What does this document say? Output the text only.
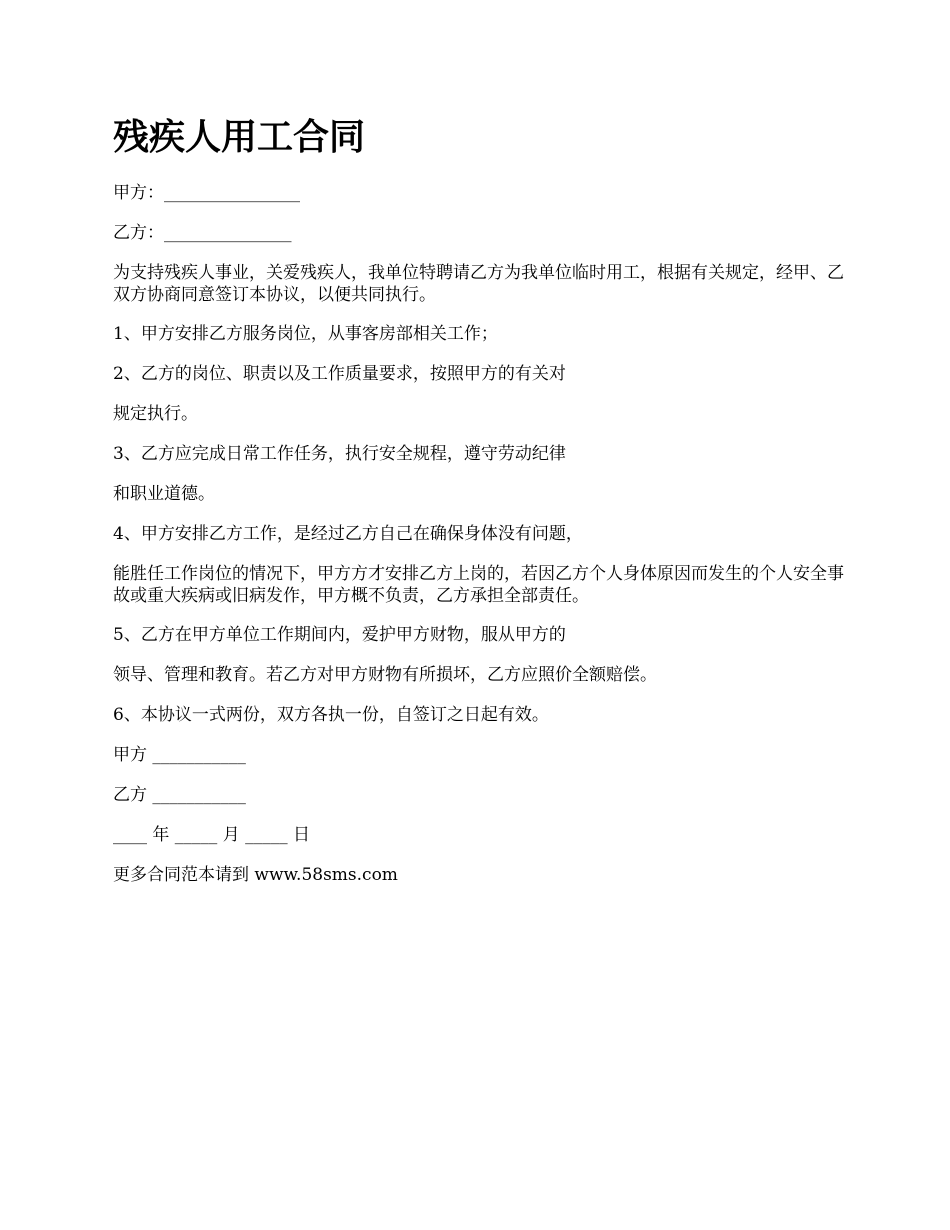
残疾人用工合同

甲方：________________

乙方：_______________

为支持残疾人事业，关爱残疾人，我单位特聘请乙方为我单位临时用工，根据有关规定，经甲、乙双方协商同意签订本协议，以便共同执行。

1、甲方安排乙方服务岗位，从事客房部相关工作；

2、乙方的岗位、职责以及工作质量要求，按照甲方的有关对

规定执行。

3、乙方应完成日常工作任务，执行安全规程，遵守劳动纪律

和职业道德。

4、甲方安排乙方工作，是经过乙方自己在确保身体没有问题，

能胜任工作岗位的情况下，甲方方才安排乙方上岗的，若因乙方个人身体原因而发生的个人安全事故或重大疾病或旧病发作，甲方概不负责，乙方承担全部责任。

5、乙方在甲方单位工作期间内，爱护甲方财物，服从甲方的

领导、管理和教育。若乙方对甲方财物有所损坏，乙方应照价全额赔偿。

6、本协议一式两份，双方各执一份，自签订之日起有效。

甲方 ___________

乙方 ___________

____ 年 _____ 月 _____ 日

更多合同范本请到 www.58sms.com
